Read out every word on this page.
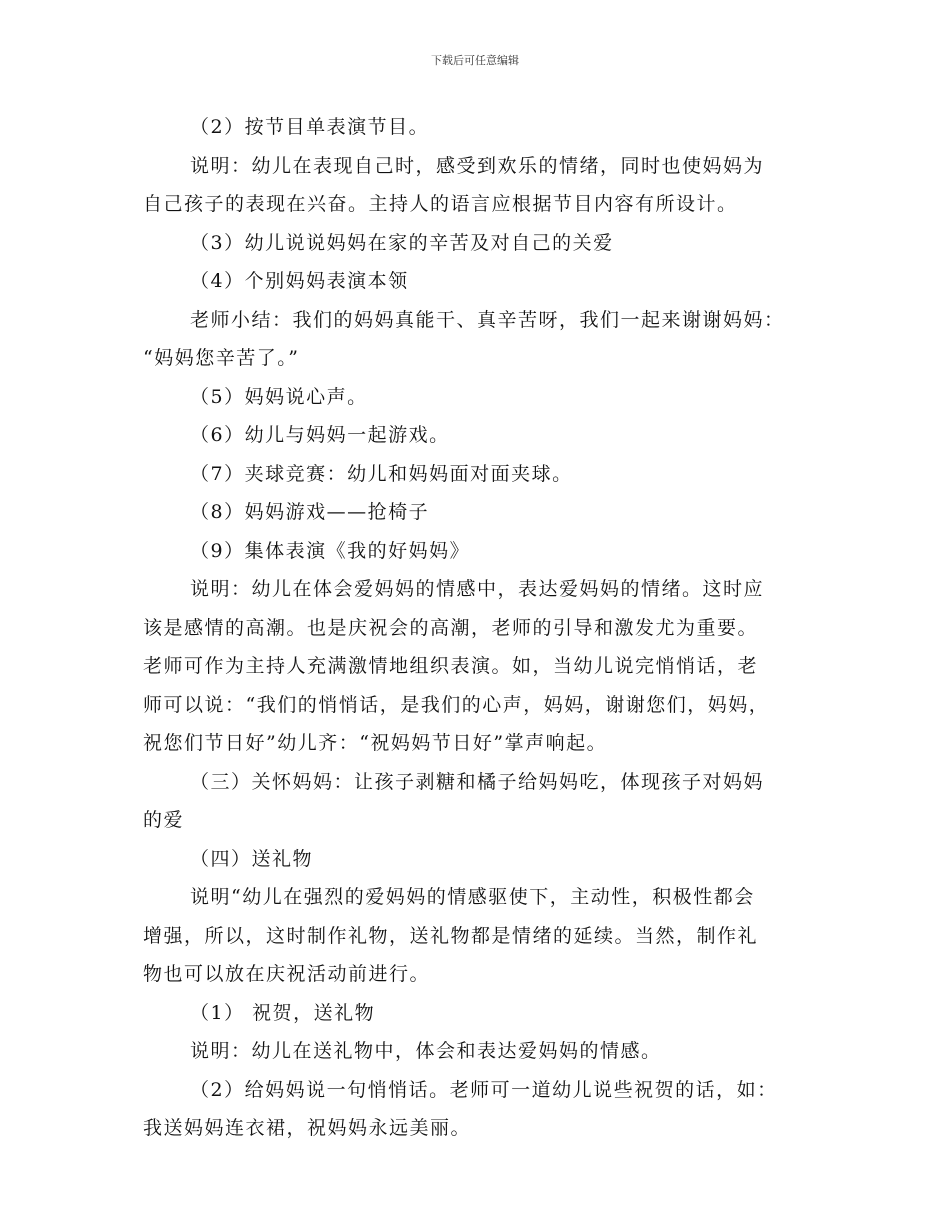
下载后可任意编辑

（2）按节目单表演节目。

说明：幼儿在表现自己时，感受到欢乐的情绪，同时也使妈妈为

自己孩子的表现在兴奋。主持人的语言应根据节目内容有所设计。

（3）幼儿说说妈妈在家的辛苦及对自己的关爱

（4）个别妈妈表演本领

老师小结：我们的妈妈真能干、真辛苦呀，我们一起来谢谢妈妈：

“妈妈您辛苦了。”

（5）妈妈说心声。

（6）幼儿与妈妈一起游戏。

（7）夹球竞赛：幼儿和妈妈面对面夹球。

（8）妈妈游戏——抢椅子

（9）集体表演《我的好妈妈》

说明：幼儿在体会爱妈妈的情感中，表达爱妈妈的情绪。这时应

该是感情的高潮。也是庆祝会的高潮，老师的引导和激发尤为重要。

老师可作为主持人充满激情地组织表演。如，当幼儿说完悄悄话，老

师可以说：“我们的悄悄话，是我们的心声，妈妈，谢谢您们，妈妈，

祝您们节日好”幼儿齐：“祝妈妈节日好”掌声响起。

（三）关怀妈妈：让孩子剥糖和橘子给妈妈吃，体现孩子对妈妈

的爱

（四）送礼物

说明“幼儿在强烈的爱妈妈的情感驱使下，主动性，积极性都会

增强，所以，这时制作礼物，送礼物都是情绪的延续。当然，制作礼

物也可以放在庆祝活动前进行。

（1） 祝贺，送礼物

说明：幼儿在送礼物中，体会和表达爱妈妈的情感。

（2）给妈妈说一句悄悄话。老师可一道幼儿说些祝贺的话，如：

我送妈妈连衣裙，祝妈妈永远美丽。
